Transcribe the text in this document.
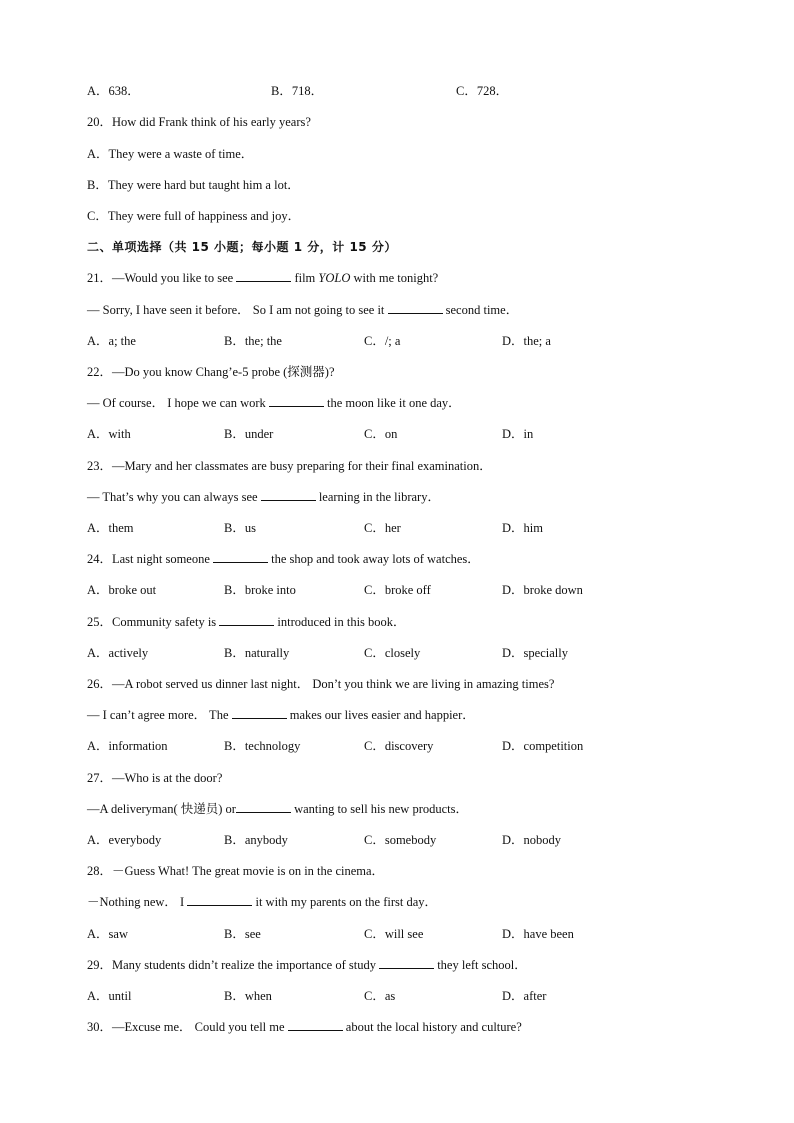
A．638．	B．718．	C．728．
20．How did Frank think of his early years?
A．They were a waste of time．
B．They were hard but taught him a lot．
C．They were full of happiness and joy．
二、单项选择（共 15 小题；每小题 1 分，计 15 分）
21．—Would you like to see	film YOLO with me tonight?
— Sorry, I have seen it before． So I am not going to see it	second time．
A．a; the	B．the; the	C．/; a	D．the; a
22．—Do you know Chang’e-5 probe (探测器)?
— Of course． I hope we can work	the moon like it one day．
A．with	B．under	C．on	D．in
23．—Mary and her classmates are busy preparing for their final examination．
— That’s why you can always see	learning in the library．
A．them	B．us	C．her	D．him
24．Last night someone	the shop and took away lots of watches．
A．broke out	B．broke into	C．broke off	D．broke down
25．Community safety is	introduced in this book．
A．actively	B．naturally	C．closely	D．specially
26．—A robot served us dinner last night． Don’t you think we are living in amazing times?
— I can’t agree more． The	makes our lives easier and happier．
A．information	B．technology	C．discovery	D．competition
27．—Who is at the door?
—A deliveryman( 快递员) or	wanting to sell his new products．
A．everybody	B．anybody	C．somebody	D．nobody
28．－Guess What! The great movie is on in the cinema．
－Nothing new． I	it with my parents on the first day．
A．saw	B．see	C．will see	D．have been
29．Many students didn’t realize the importance of study	they left school．
A．until	B．when	C．as	D．after
30．—Excuse me． Could you tell me	about the local history and culture?
